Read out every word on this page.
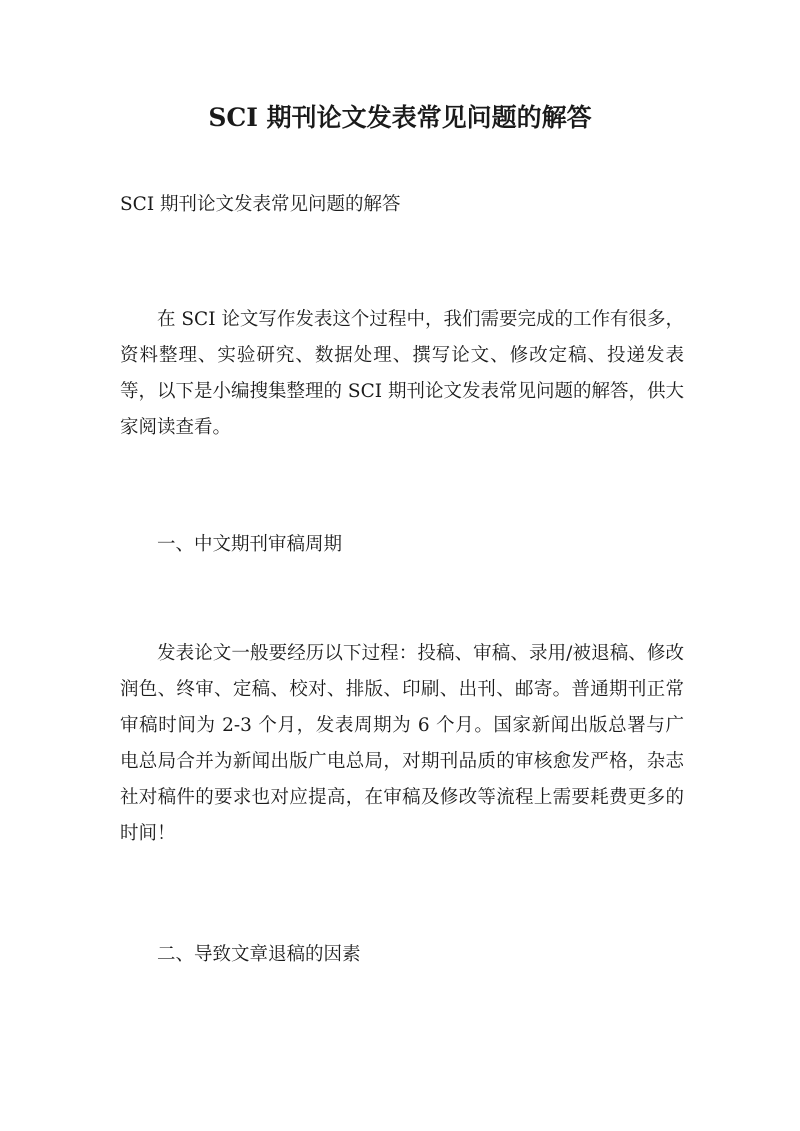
SCI 期刊论文发表常见问题的解答

SCI 期刊论文发表常见问题的解答

在 SCI 论文写作发表这个过程中，我们需要完成的工作有很多，资料整理、实验研究、数据处理、撰写论文、修改定稿、投递发表等，以下是小编搜集整理的 SCI 期刊论文发表常见问题的解答，供大家阅读查看。

一、中文期刊审稿周期

发表论文一般要经历以下过程：投稿、审稿、录用/被退稿、修改润色、终审、定稿、校对、排版、印刷、出刊、邮寄。普通期刊正常审稿时间为 2-3 个月，发表周期为 6 个月。国家新闻出版总署与广电总局合并为新闻出版广电总局，对期刊品质的审核愈发严格，杂志社对稿件的要求也对应提高，在审稿及修改等流程上需要耗费更多的时间！

二、导致文章退稿的因素
